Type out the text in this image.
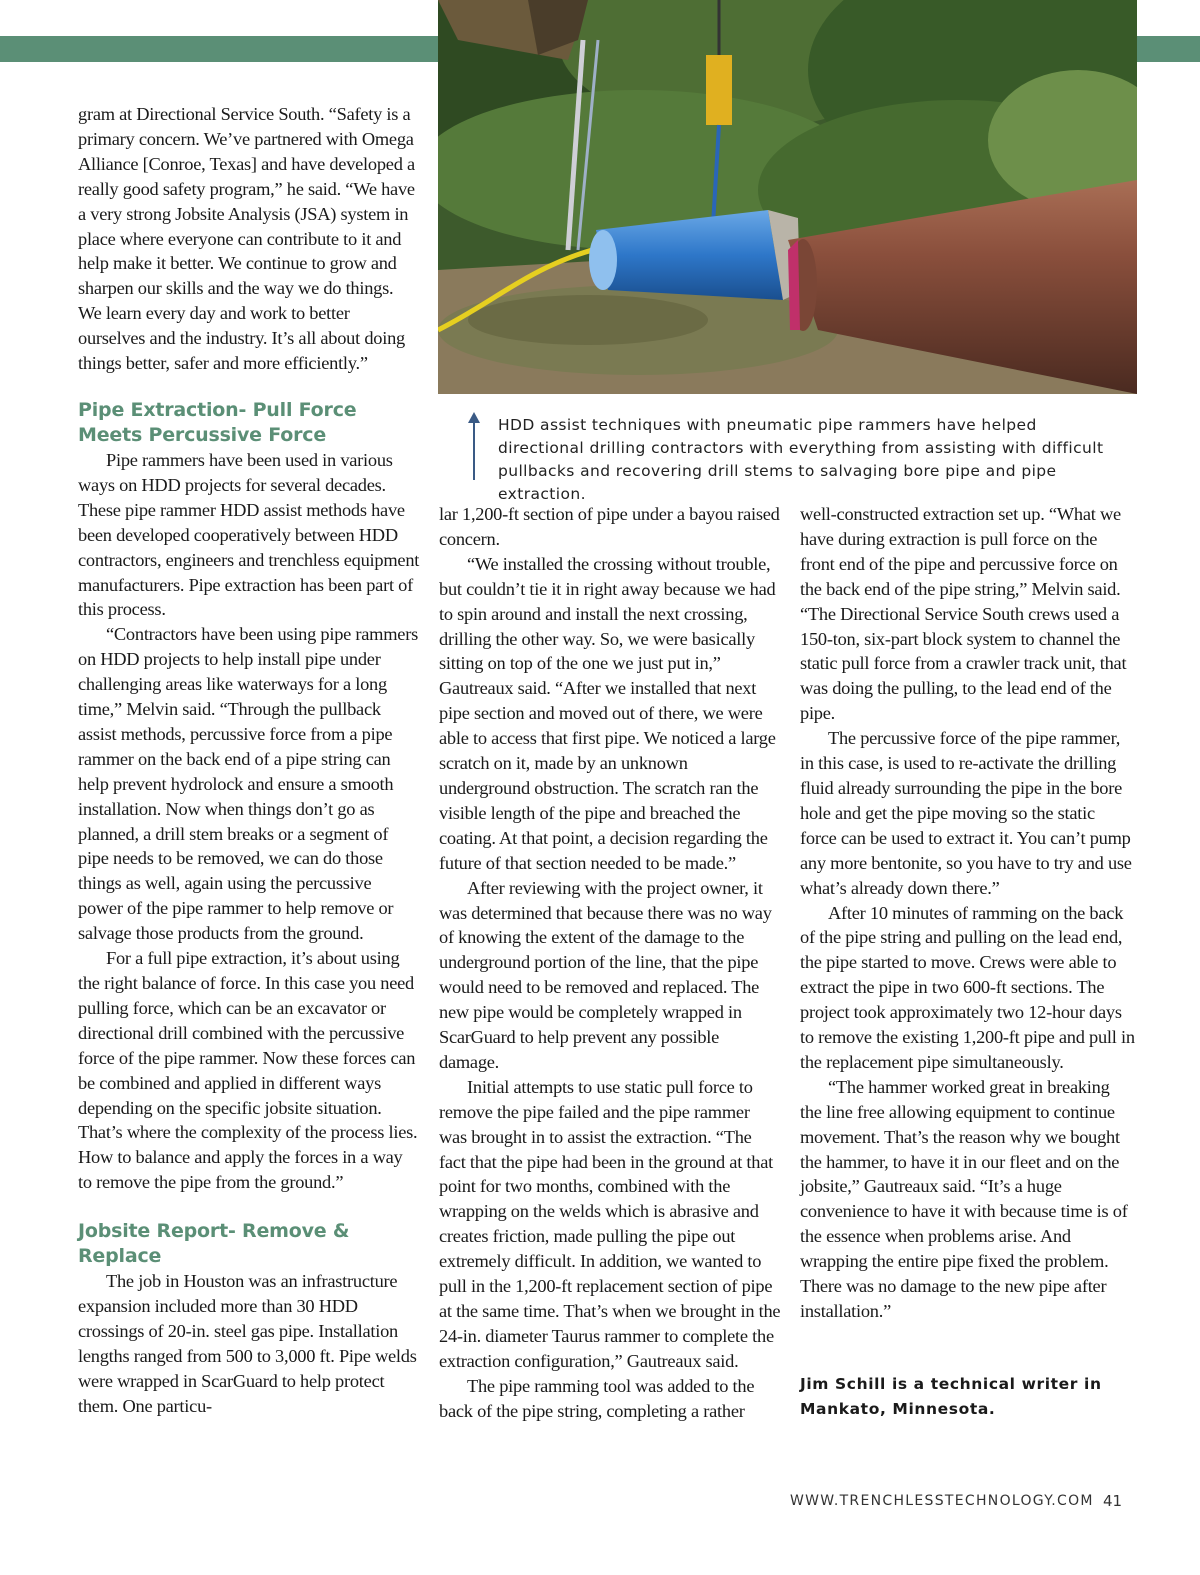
HDD assist techniques with pneumatic pipe rammers have helped directional drilling contractors with everything from assisting with difficult pullbacks and recovering drill stems to salvaging bore pipe and pipe extraction.

gram at Directional Service South. “Safety is a primary concern. We’ve partnered with Omega Alliance [Conroe, Texas] and have developed a really good safety program,” he said. “We have a very strong Jobsite Analysis (JSA) system in place where everyone can contribute to it and help make it better. We continue to grow and sharpen our skills and the way we do things. We learn every day and work to better ourselves and the industry. It’s all about doing things better, safer and more efficiently.”

Pipe Extraction- Pull Force Meets Percussive Force

Pipe rammers have been used in various ways on HDD projects for several decades. These pipe rammer HDD assist methods have been developed cooperatively between HDD contractors, engineers and trenchless equipment manufacturers. Pipe extraction has been part of this process.

“Contractors have been using pipe rammers on HDD projects to help install pipe under challenging areas like waterways for a long time,” Melvin said. “Through the pullback assist methods, percussive force from a pipe rammer on the back end of a pipe string can help prevent hydrolock and ensure a smooth installation. Now when things don’t go as planned, a drill stem breaks or a segment of pipe needs to be removed, we can do those things as well, again using the percussive power of the pipe rammer to help remove or salvage those products from the ground.

For a full pipe extraction, it’s about using the right balance of force. In this case you need pulling force, which can be an excavator or directional drill combined with the percussive force of the pipe rammer. Now these forces can be combined and applied in different ways depending on the specific jobsite situation. That’s where the complexity of the process lies. How to balance and apply the forces in a way to remove the pipe from the ground.”

Jobsite Report- Remove & Replace

The job in Houston was an infrastructure expansion included more than 30 HDD crossings of 20-in. steel gas pipe. Installation lengths ranged from 500 to 3,000 ft. Pipe welds were wrapped in ScarGuard to help protect them. One particu-

lar 1,200-ft section of pipe under a bayou raised concern.

“We installed the crossing without trouble, but couldn’t tie it in right away because we had to spin around and install the next crossing, drilling the other way. So, we were basically sitting on top of the one we just put in,” Gautreaux said. “After we installed that next pipe section and moved out of there, we were able to access that first pipe. We noticed a large scratch on it, made by an unknown underground obstruction. The scratch ran the visible length of the pipe and breached the coating. At that point, a decision regarding the future of that section needed to be made.”

After reviewing with the project owner, it was determined that because there was no way of knowing the extent of the damage to the underground portion of the line, that the pipe would need to be removed and replaced. The new pipe would be completely wrapped in ScarGuard to help prevent any possible damage.

Initial attempts to use static pull force to remove the pipe failed and the pipe rammer was brought in to assist the extraction. “The fact that the pipe had been in the ground at that point for two months, combined with the wrapping on the welds which is abrasive and creates friction, made pulling the pipe out extremely difficult. In addition, we wanted to pull in the 1,200-ft replacement section of pipe at the same time. That’s when we brought in the 24-in. diameter Taurus rammer to complete the extraction configuration,” Gautreaux said.

The pipe ramming tool was added to the back of the pipe string, completing a rather

well-constructed extraction set up. “What we have during extraction is pull force on the front end of the pipe and percussive force on the back end of the pipe string,” Melvin said. “The Directional Service South crews used a 150-ton, six-part block system to channel the static pull force from a crawler track unit, that was doing the pulling, to the lead end of the pipe.

The percussive force of the pipe rammer, in this case, is used to re-activate the drilling fluid already surrounding the pipe in the bore hole and get the pipe moving so the static force can be used to extract it. You can’t pump any more bentonite, so you have to try and use what’s already down there.”

After 10 minutes of ramming on the back of the pipe string and pulling on the lead end, the pipe started to move. Crews were able to extract the pipe in two 600-ft sections. The project took approximately two 12-hour days to remove the existing 1,200-ft pipe and pull in the replacement pipe simultaneously.

“The hammer worked great in breaking the line free allowing equipment to continue movement. That’s the reason why we bought the hammer, to have it in our fleet and on the jobsite,” Gautreaux said. “It’s a huge convenience to have it with because time is of the essence when problems arise. And wrapping the entire pipe fixed the problem. There was no damage to the new pipe after installation.”

Jim Schill is a technical writer in Mankato, Minnesota.

WWW.TRENCHLESSTECHNOLOGY.COM 41
